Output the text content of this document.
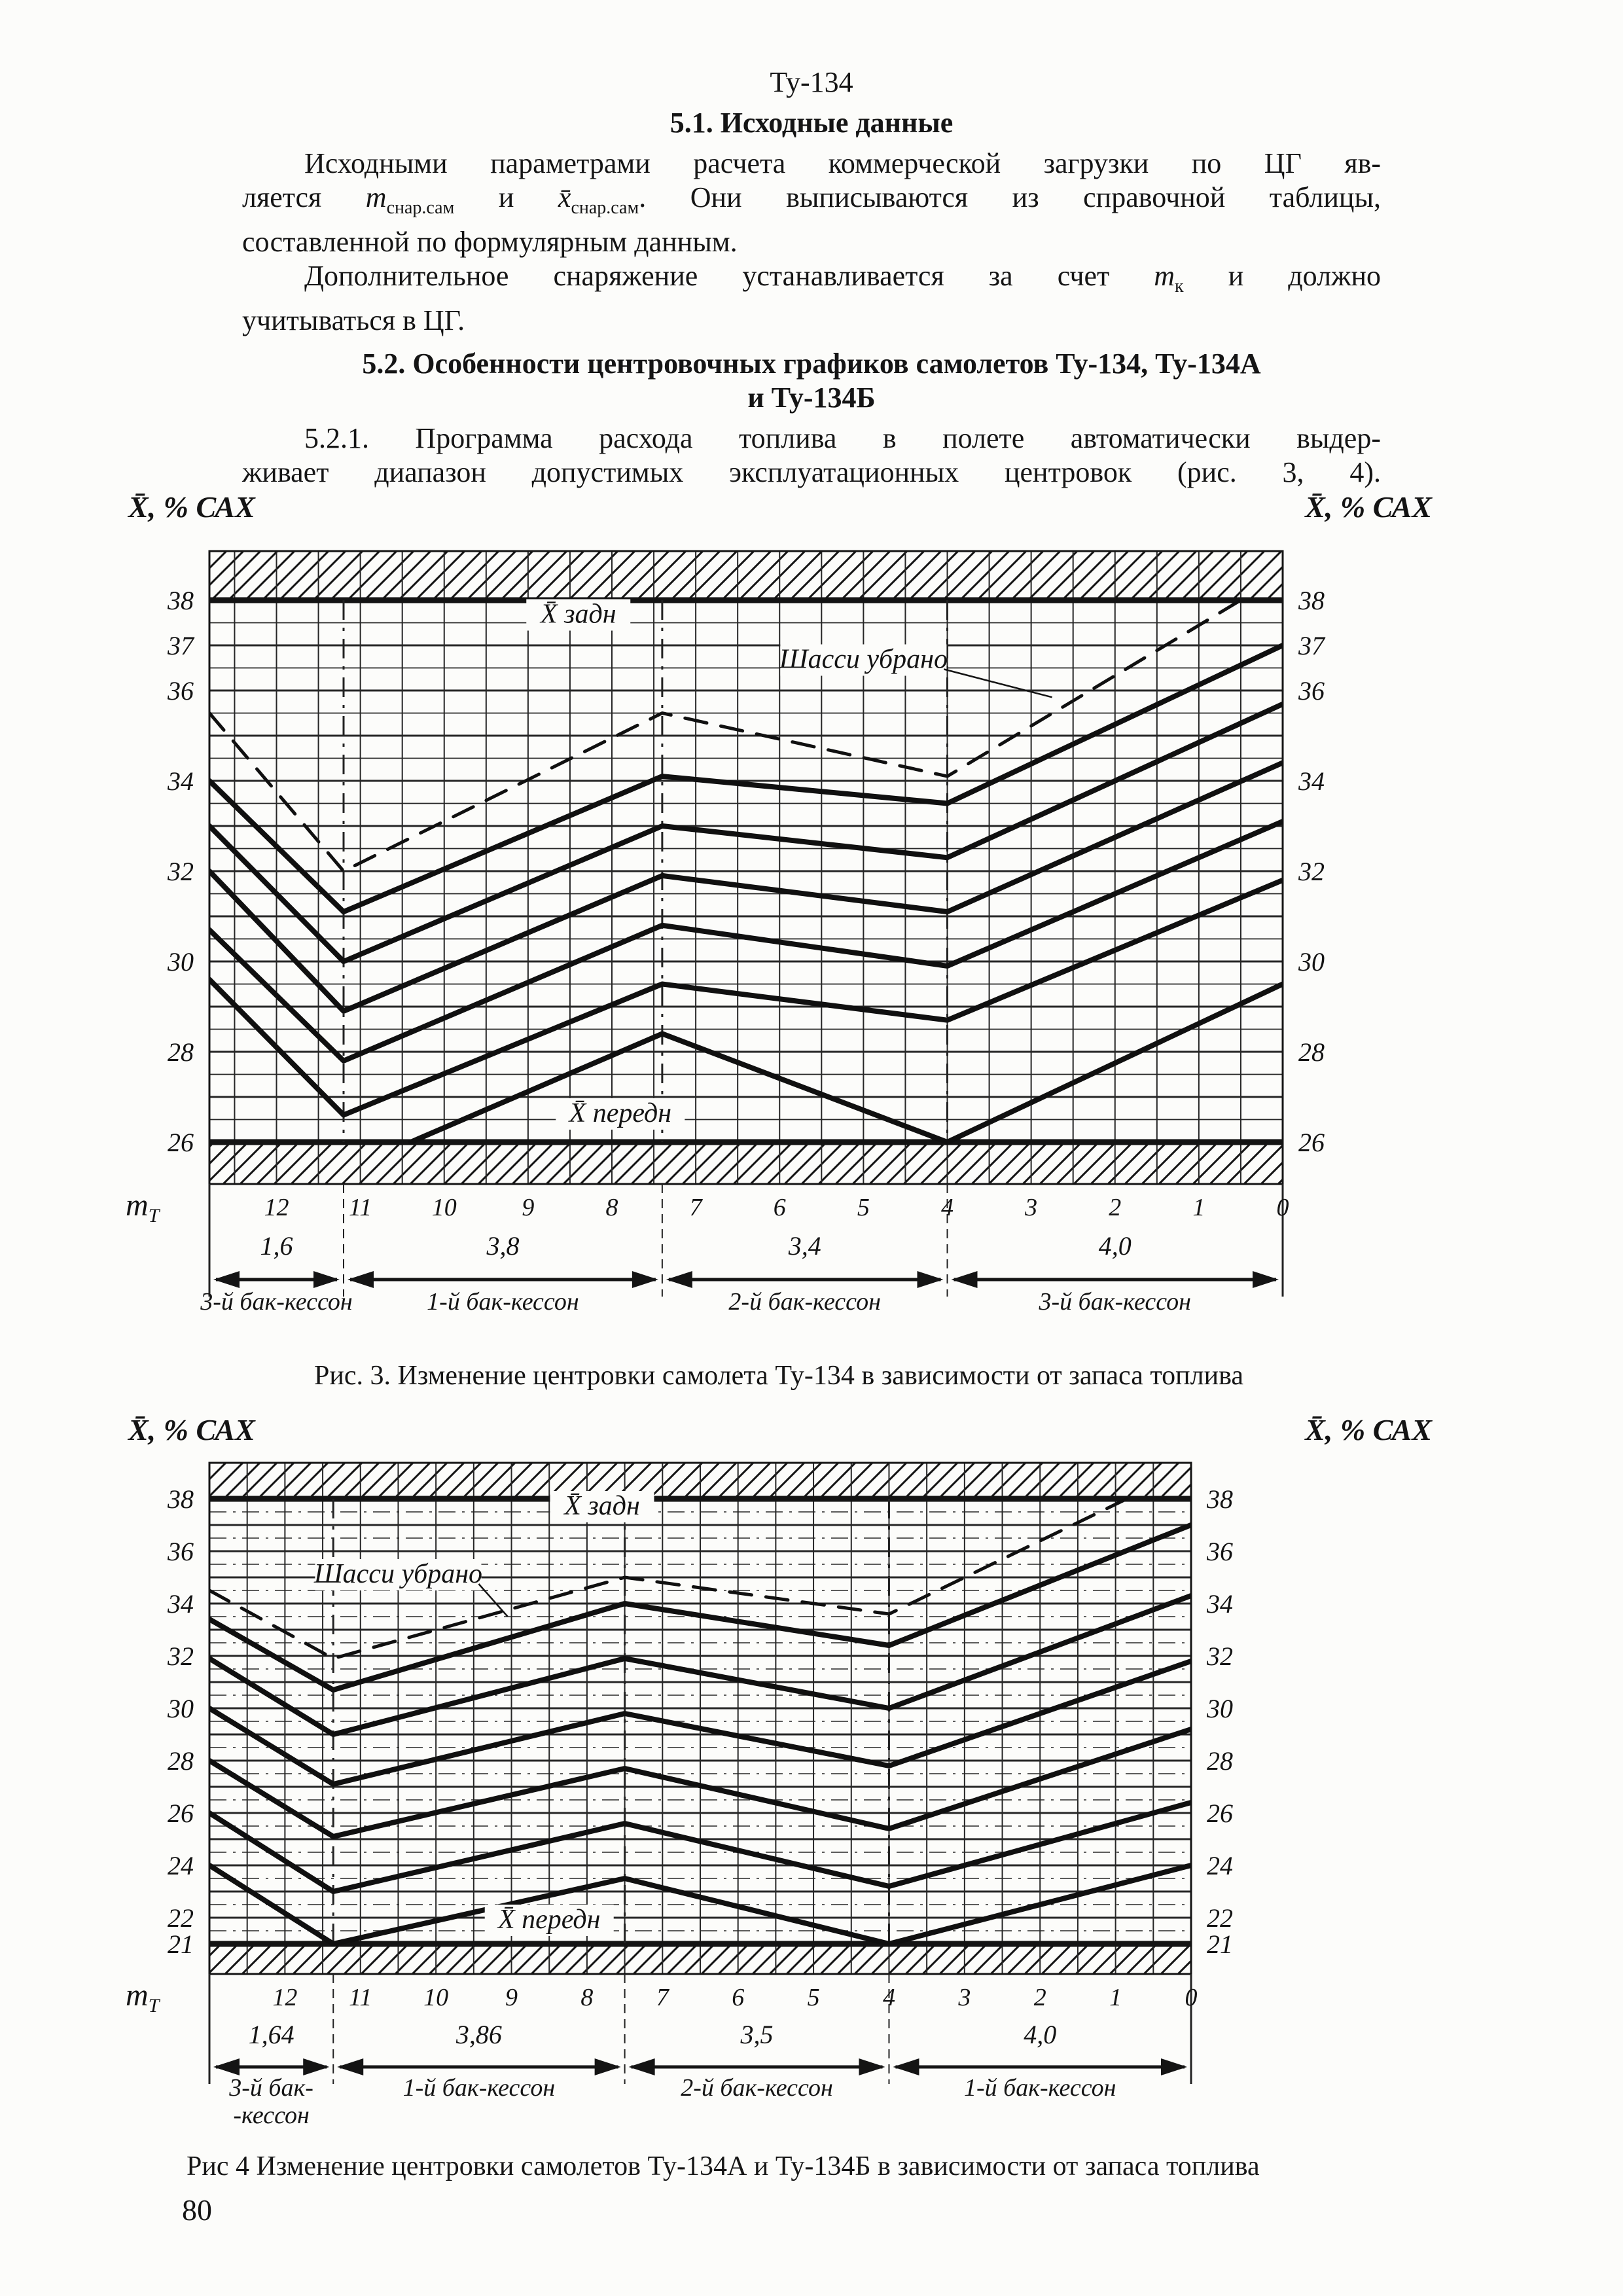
Ту-134
5.1. Исходные данные
Исходными параметрами расчета коммерческой загрузки по ЦГ яв-
ляется $m_{снар.сам}$ и $x̄_{снар.сам}$. Они выписываются из справочной таблицы,
составленной по формулярным данным.
Дополнительное снаряжение устанавливается за счет $m_к$ и должно
учитываться в ЦГ.
5.2. Особенности центровочных графиков самолетов Ту-134, Ту-134А
и Ту-134Б
5.2.1. Программа расхода топлива в полете автоматически выдер-
живает диапазон допустимых эксплуатационных центровок (рис. 3, 4).
38	38
37	37
36	36
34	34
32	32
30	30
28	28
26	26
12 11 10	9	8	7	6	5	4	3	2	1	0
$m_Т$
X̄, % САХ	X̄, % САХ
1,6
3-й бак-кессон
3,8
1-й бак-кессон
3,4
2-й бак-кессон
4,0
3-й бак-кессон
X̄ задн
Шасси убрано
X̄ передн
Рис. 3. Изменение центровки самолета Ту-134 в зависимости от запаса топлива
38	38
36	36
34	34
32	32
30	30
28	28
26	26
24	24
22	22
21	21
12 11 10 9	8	7	6	5	4	3	2	1	0
$m_Т$
X̄, % САХ	X̄, % САХ
1,64
3-й бак-
-кессон
3,86
1-й бак-кессон
3,5
2-й бак-кессон
4,0
1-й бак-кессон
X̄ задн
Шасси убрано
X̄ передн
Рис 4 Изменение центровки самолетов Ту-134А и Ту-134Б в зависимости от запаса топлива
80
